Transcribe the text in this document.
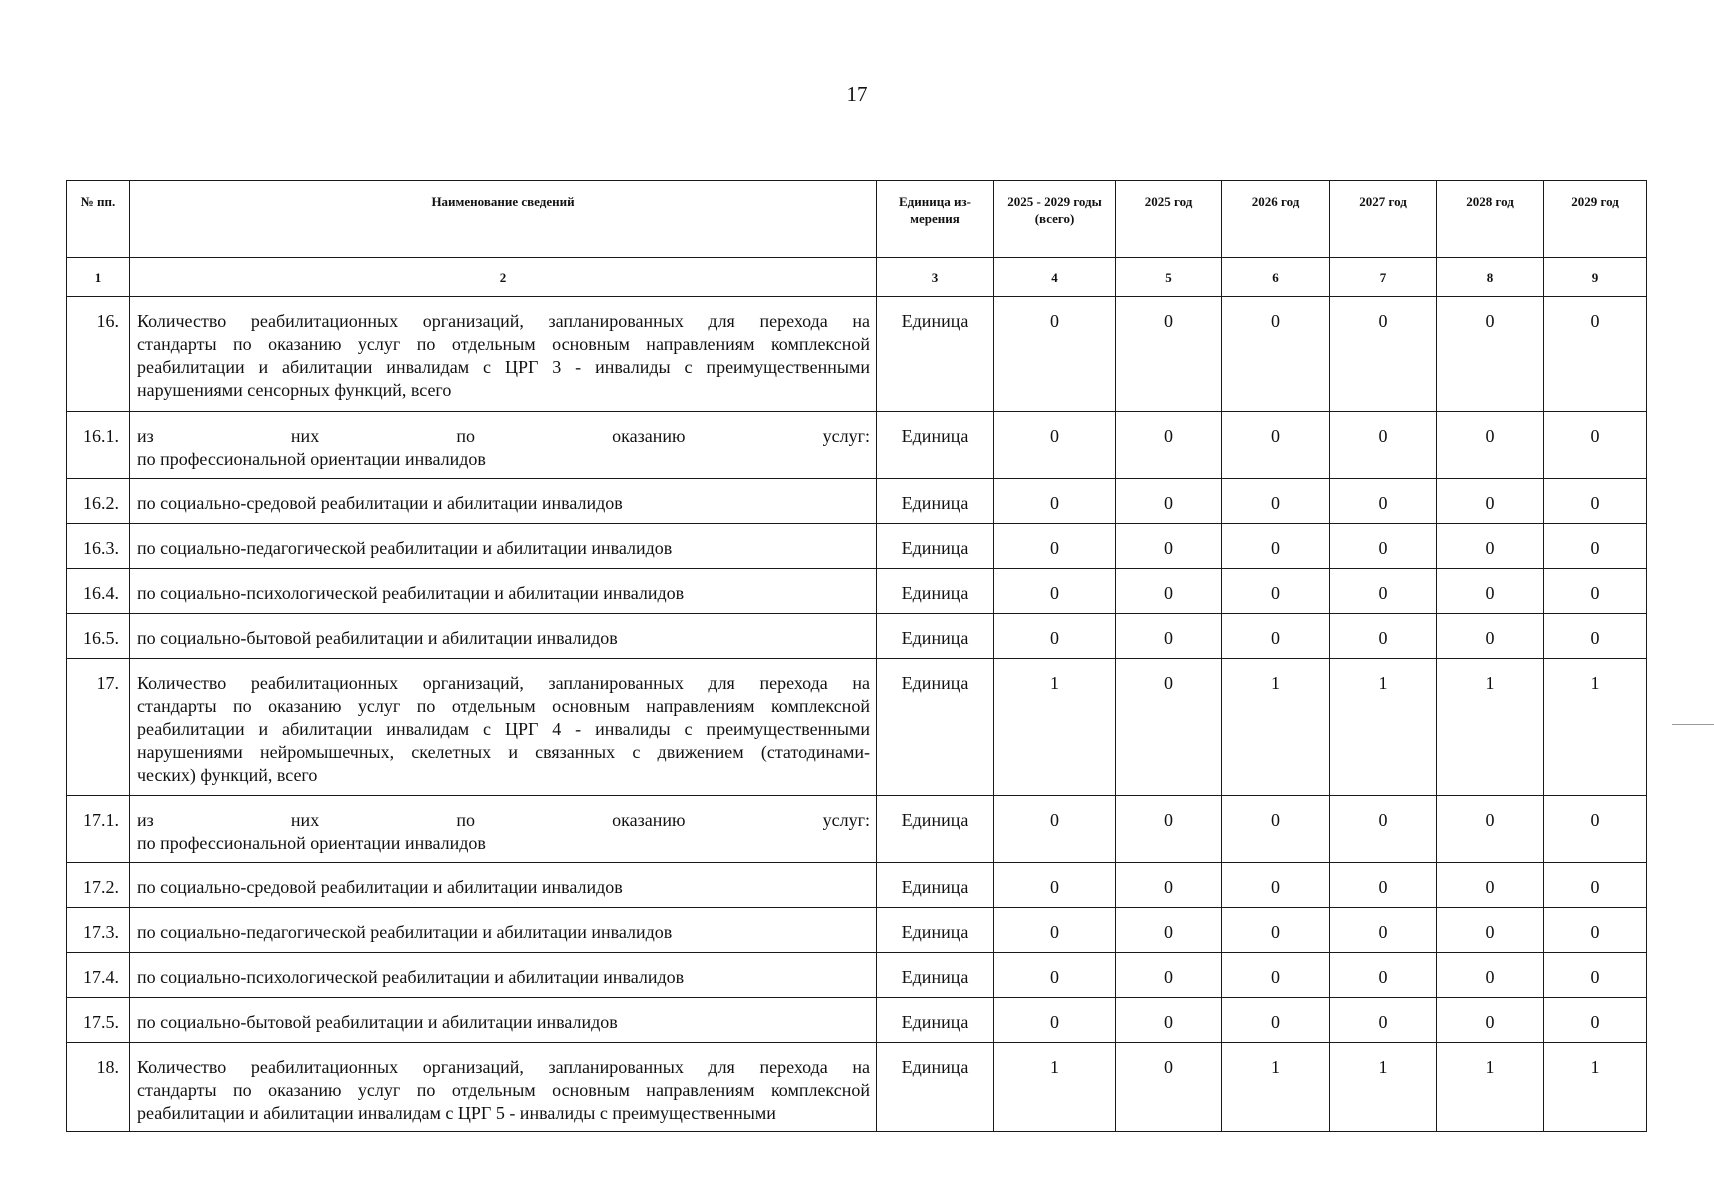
17
№ пп.	Наименование сведений	Единица из-мерения	2025 - 2029 годы (всего)	2025 год	2026 год	2027 год	2028 год	2029 год
1	2	3	4	5	6	7	8	9
16.	Количество реабилитационных организаций, запланированных для перехода на
стандарты по оказанию услуг по отдельным основным направлениям комплексной
реабилитации и абилитации инвалидам с ЦРГ 3 - инвалиды с преимущественными
нарушениями сенсорных функций, всего	Единица	0	0	0	0	0	0
16.1.	из них по оказанию услуг:
по профессиональной ориентации инвалидов	Единица	0	0	0	0	0	0
16.2.	по социально-средовой реабилитации и абилитации инвалидов	Единица	0	0	0	0	0	0
16.3.	по социально-педагогической реабилитации и абилитации инвалидов	Единица	0	0	0	0	0	0
16.4.	по социально-психологической реабилитации и абилитации инвалидов	Единица	0	0	0	0	0	0
16.5.	по социально-бытовой реабилитации и абилитации инвалидов	Единица	0	0	0	0	0	0
17.	Количество реабилитационных организаций, запланированных для перехода на
стандарты по оказанию услуг по отдельным основным направлениям комплексной
реабилитации и абилитации инвалидам с ЦРГ 4 - инвалиды с преимущественными
нарушениями нейромышечных, скелетных и связанных с движением (статодинами-
ческих) функций, всего	Единица	1	0	1	1	1	1
17.1.	из них по оказанию услуг:
по профессиональной ориентации инвалидов	Единица	0	0	0	0	0	0
17.2.	по социально-средовой реабилитации и абилитации инвалидов	Единица	0	0	0	0	0	0
17.3.	по социально-педагогической реабилитации и абилитации инвалидов	Единица	0	0	0	0	0	0
17.4.	по социально-психологической реабилитации и абилитации инвалидов	Единица	0	0	0	0	0	0
17.5.	по социально-бытовой реабилитации и абилитации инвалидов	Единица	0	0	0	0	0	0
18.	Количество реабилитационных организаций, запланированных для перехода на
стандарты по оказанию услуг по отдельным основным направлениям комплексной
реабилитации и абилитации инвалидам с ЦРГ 5 - инвалиды с преимущественными	Единица	1	0	1	1	1	1
